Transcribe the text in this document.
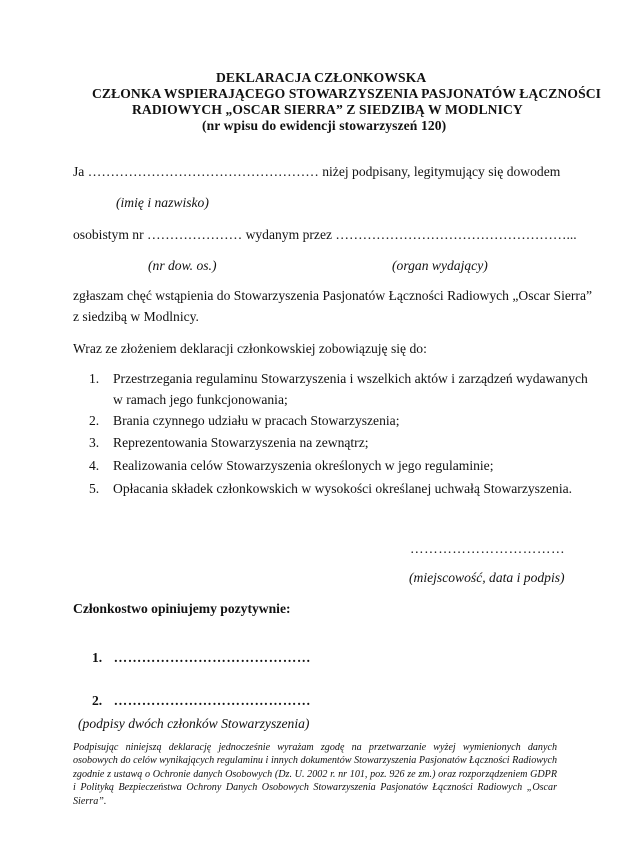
DEKLARACJA CZŁONKOWSKA
CZŁONKA WSPIERAJĄCEGO STOWARZYSZENIA PASJONATÓW ŁĄCZNOŚCI
RADIOWYCH „OSCAR SIERRA” Z SIEDZIBĄ W MODLNICY
(nr wpisu do ewidencji stowarzyszeń 120)
Ja …………………………………………… niżej podpisany, legitymujący się dowodem
(imię i nazwisko)
osobistym nr ………………… wydanym przez ……………………………………………...
(nr dow. os.)	(organ wydający)
zgłaszam chęć wstąpienia do Stowarzyszenia Pasjonatów Łączności Radiowych „Oscar Sierra”
z siedzibą w Modlnicy.
Wraz ze złożeniem deklaracji członkowskiej zobowiązuję się do:
1. Przestrzegania regulaminu Stowarzyszenia i wszelkich aktów i zarządzeń wydawanych
w ramach jego funkcjonowania;
2. Brania czynnego udziału w pracach Stowarzyszenia;
3. Reprezentowania Stowarzyszenia na zewnątrz;
4. Realizowania celów Stowarzyszenia określonych w jego regulaminie;
5. Opłacania składek członkowskich w wysokości określanej uchwałą Stowarzyszenia.
……………………………
(miejscowość, data i podpis)
Członkostwo opiniujemy pozytywnie:
1. ……………………………………
2. ……………………………………
(podpisy dwóch członków Stowarzyszenia)

Podpisując niniejszą deklarację jednocześnie wyrażam zgodę na przetwarzanie wyżej wymienionych danych osobowych do celów wynikających regulaminu i innych dokumentów Stowarzyszenia Pasjonatów Łączności Radiowych zgodnie z ustawą o Ochronie danych Osobowych (Dz. U. 2002 r. nr 101, poz. 926 ze zm.) oraz rozporządzeniem GDPR i Polityką Bezpieczeństwa Ochrony Danych Osobowych Stowarzyszenia Pasjonatów Łączności Radiowych „Oscar Sierra”.
